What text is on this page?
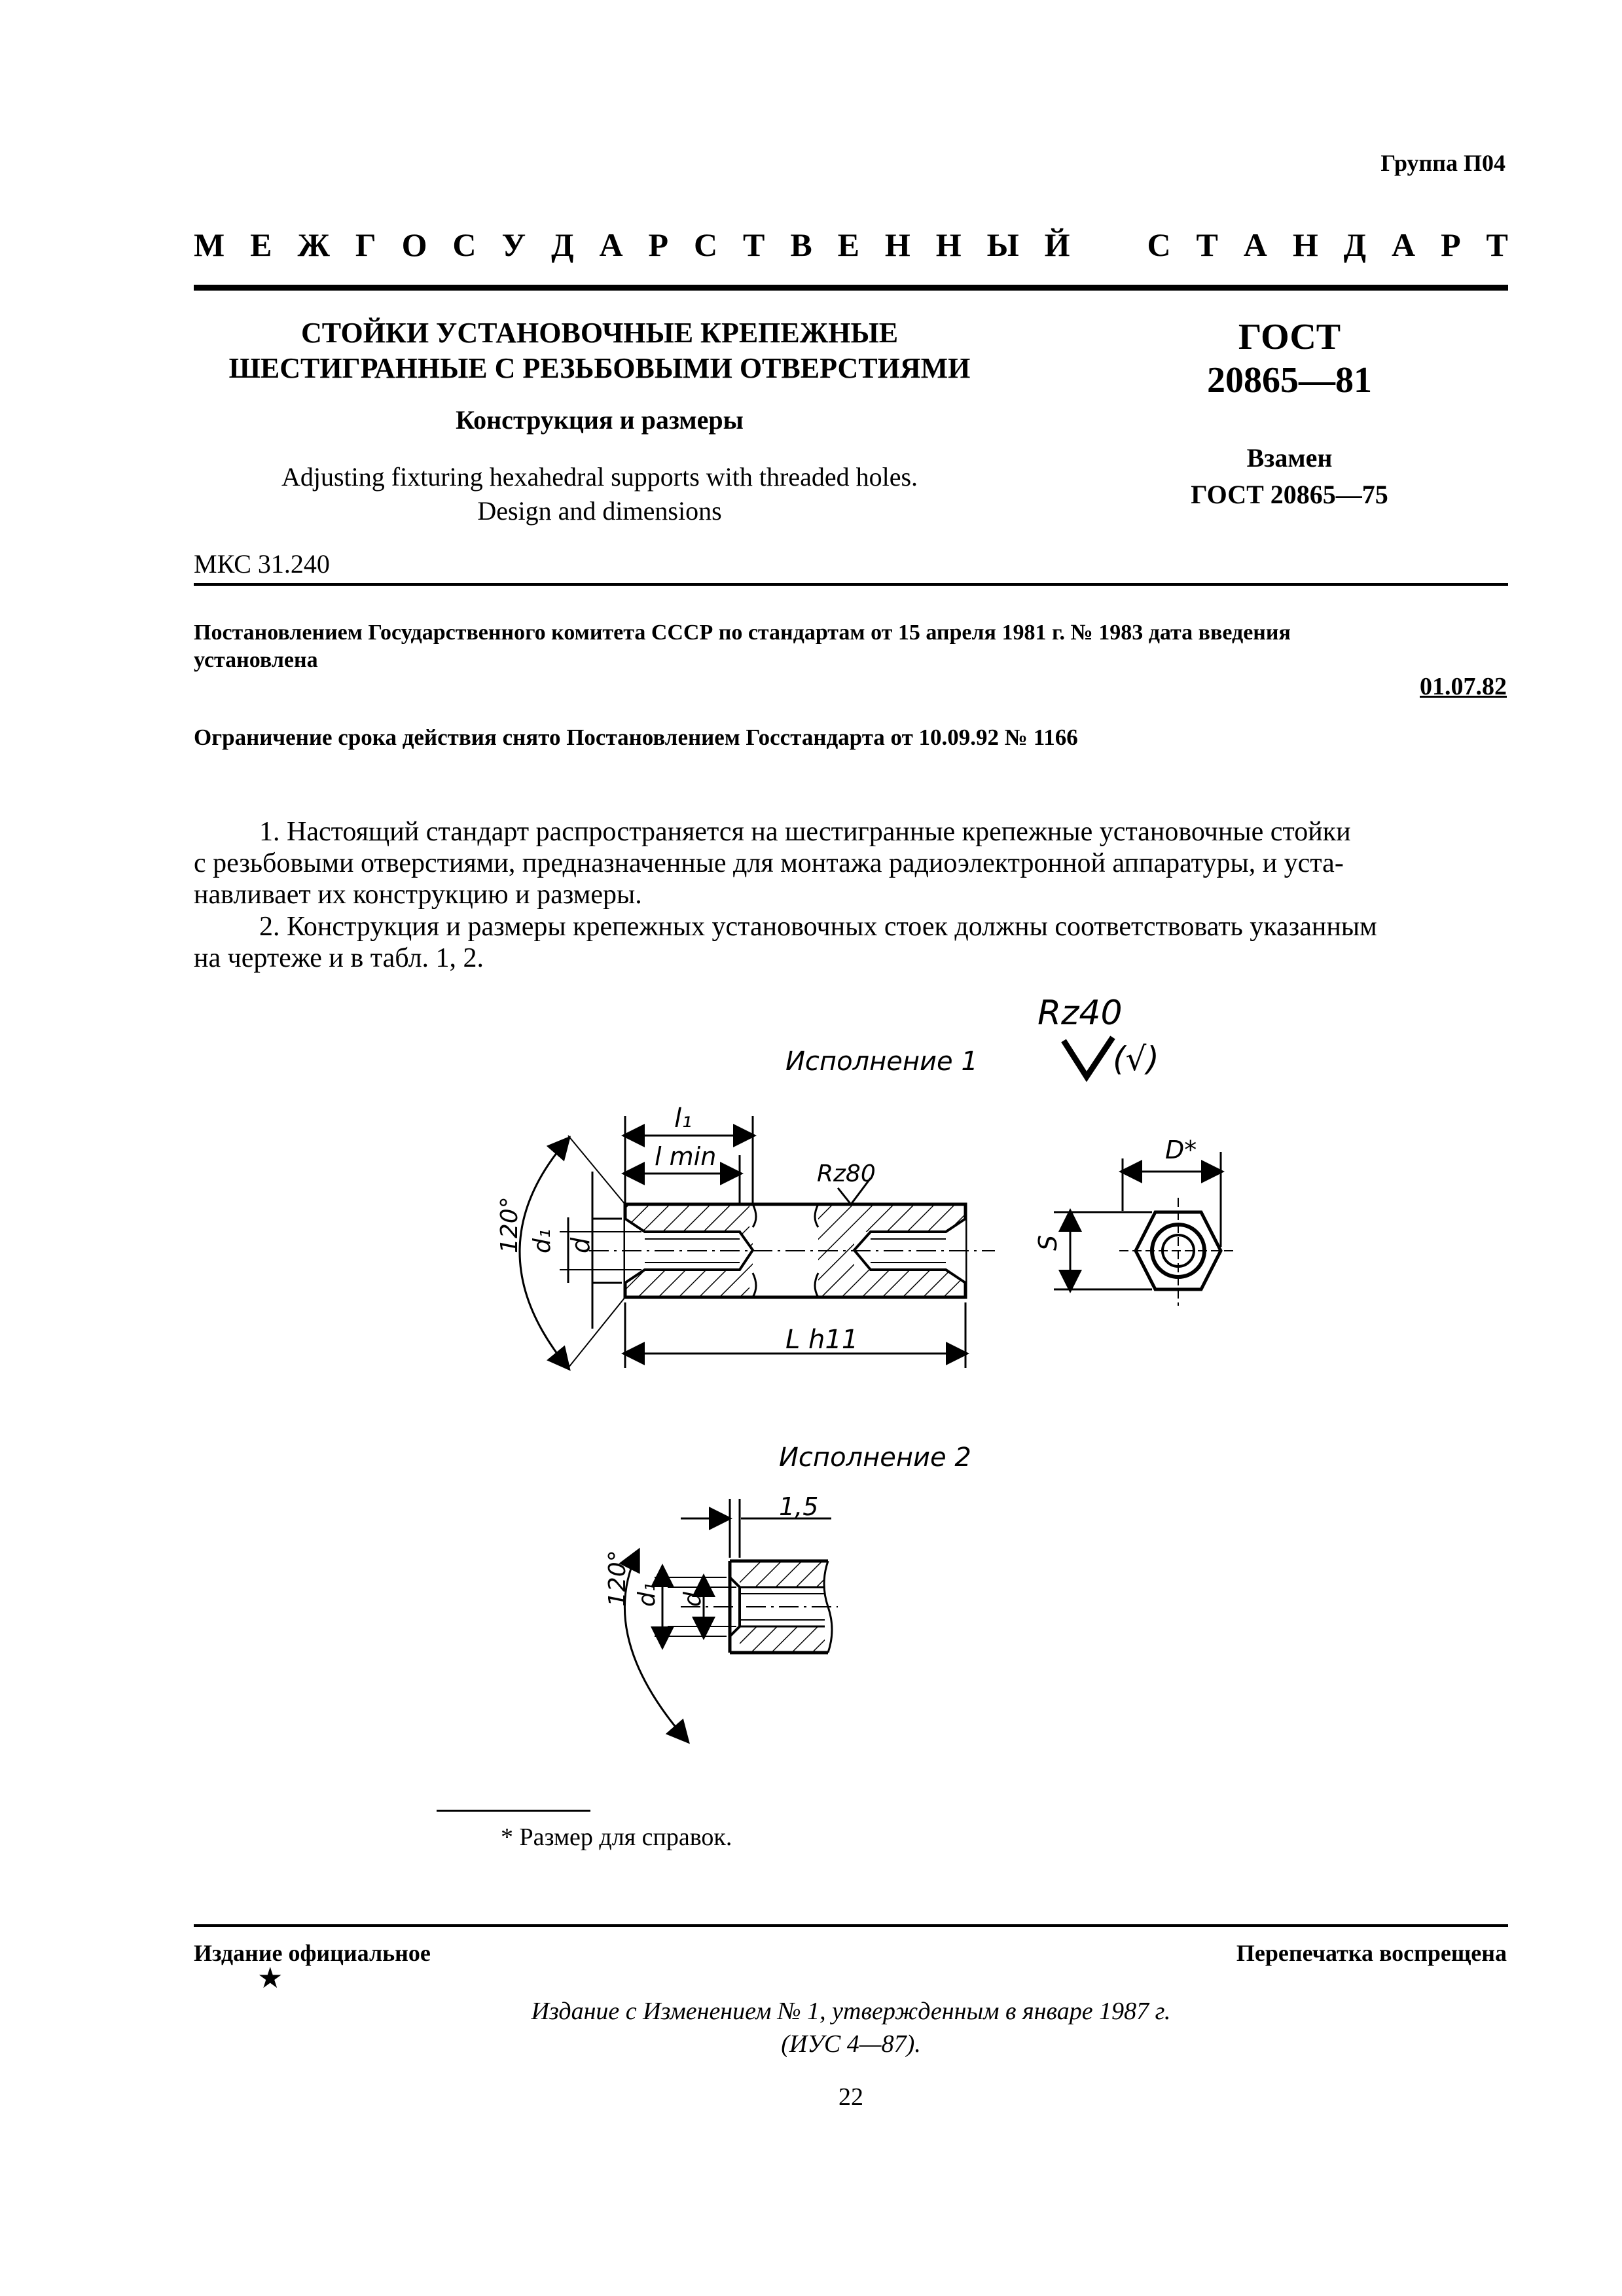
Группа П04
М Е Ж Г О С У Д А Р С Т В Е Н Н Ы Й С Т А Н Д А Р Т
СТОЙКИ УСТАНОВОЧНЫЕ КРЕПЕЖНЫЕ
ШЕСТИГРАННЫЕ С РЕЗЬБОВЫМИ ОТВЕРСТИЯМИ
Конструкция и размеры
Adjusting fixturing hexahedral supports with threaded holes.
Design and dimensions
ГОСТ
20865—81
Взамен
ГОСТ 20865—75
МКС 31.240
Постановлением Государственного комитета СССР по стандартам от 15 апреля 1981 г. № 1983 дата введения
установлена
01.07.82
Ограничение срока действия снято Постановлением Госстандарта от 10.09.92 № 1166
1. Настоящий стандарт распространяется на шестигранные крепежные установочные стойки
с резьбовыми отверстиями, предназначенные для монтажа радиоэлектронной аппаратуры, и уста-
навливает их конструкцию и размеры.
2. Конструкция и размеры крепежных установочных стоек должны соответствовать указанным
на чертеже и в табл. 1, 2.
Rz40
(√)
Исполнение 1
l₁
l min
Rz80
L h11
d₁ d
120°
D*
S
Исполнение 2
1,5
d₁ d
120°
* Размер для справок.
Издание официальное	Перепечатка воспрещена
★
Издание с Изменением № 1, утвержденным в январе 1987 г.
(ИУС 4—87).
22
